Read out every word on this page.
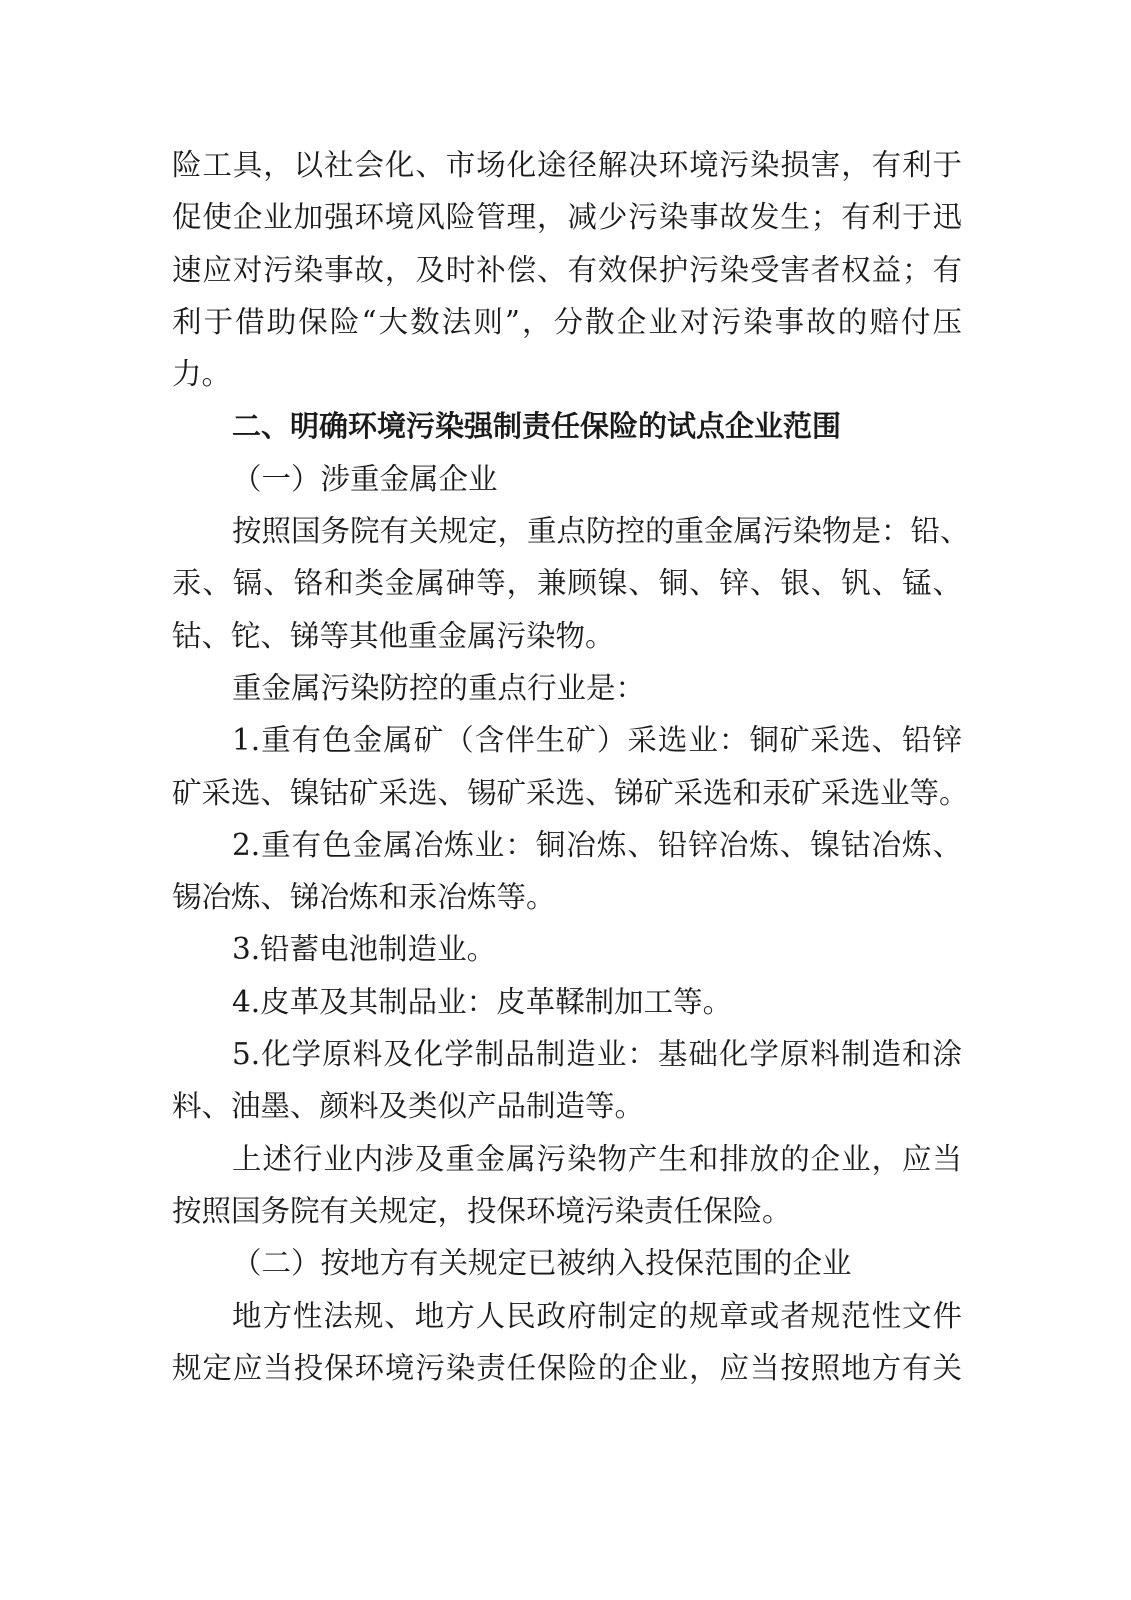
险工具，以社会化、市场化途径解决环境污染损害，有利于
促使企业加强环境风险管理，减少污染事故发生；有利于迅
速应对污染事故，及时补偿、有效保护污染受害者权益；有
利于借助保险“大数法则”，分散企业对污染事故的赔付压
力。
二、明确环境污染强制责任保险的试点企业范围
（一）涉重金属企业
按照国务院有关规定，重点防控的重金属污染物是：铅、
汞、镉、铬和类金属砷等，兼顾镍、铜、锌、银、钒、锰、
钴、铊、锑等其他重金属污染物。
重金属污染防控的重点行业是：
1.重有色金属矿（含伴生矿）采选业：铜矿采选、铅锌
矿采选、镍钴矿采选、锡矿采选、锑矿采选和汞矿采选业等。
2.重有色金属冶炼业：铜冶炼、铅锌冶炼、镍钴冶炼、
锡冶炼、锑冶炼和汞冶炼等。
3.铅蓄电池制造业。
4.皮革及其制品业：皮革鞣制加工等。
5.化学原料及化学制品制造业：基础化学原料制造和涂
料、油墨、颜料及类似产品制造等。
上述行业内涉及重金属污染物产生和排放的企业，应当
按照国务院有关规定，投保环境污染责任保险。
（二）按地方有关规定已被纳入投保范围的企业
地方性法规、地方人民政府制定的规章或者规范性文件
规定应当投保环境污染责任保险的企业，应当按照地方有关
